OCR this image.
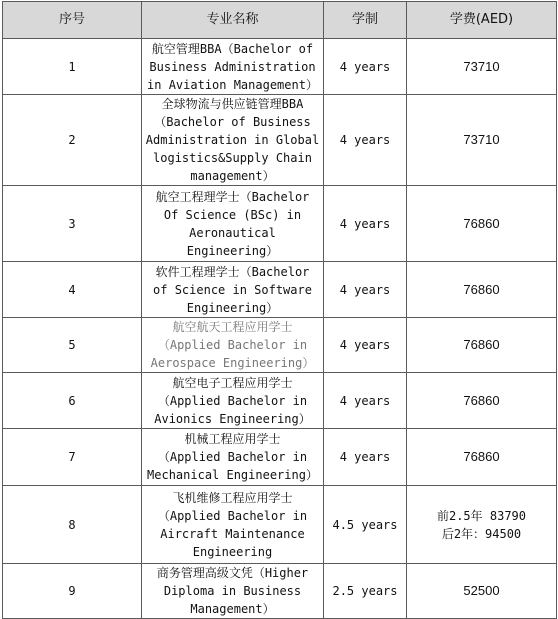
序号	专业名称	学制	学费(AED)
1	航空管理BBA（Bachelor of
Business Administration
in Aviation Management）	4 years	73710

2	全球物流与供应链管理BBA
（Bachelor of Business
Administration in Global
logistics&Supply Chain
management）	4 years	73710

3	航空工程理学士（Bachelor
Of Science (BSc) in
Aeronautical
Engineering）	4 years	76860

4	软件工程理学士（Bachelor
of Science in Software
Engineering）	4 years	76860

5	航空航天工程应用学士
（Applied Bachelor in
Aerospace Engineering）	4 years	76860

6	航空电子工程应用学士
（Applied Bachelor in
Avionics Engineering）	4 years	76860

7	机械工程应用学士
（Applied Bachelor in
Mechanical Engineering）	4 years	76860

8	飞机维修工程应用学士
（Applied Bachelor in
Aircraft Maintenance
Engineering	4.5 years	前2.5年 83790
后2年：94500

9	商务管理高级文凭（Higher
Diploma in Business
Management）	2.5 years	52500
